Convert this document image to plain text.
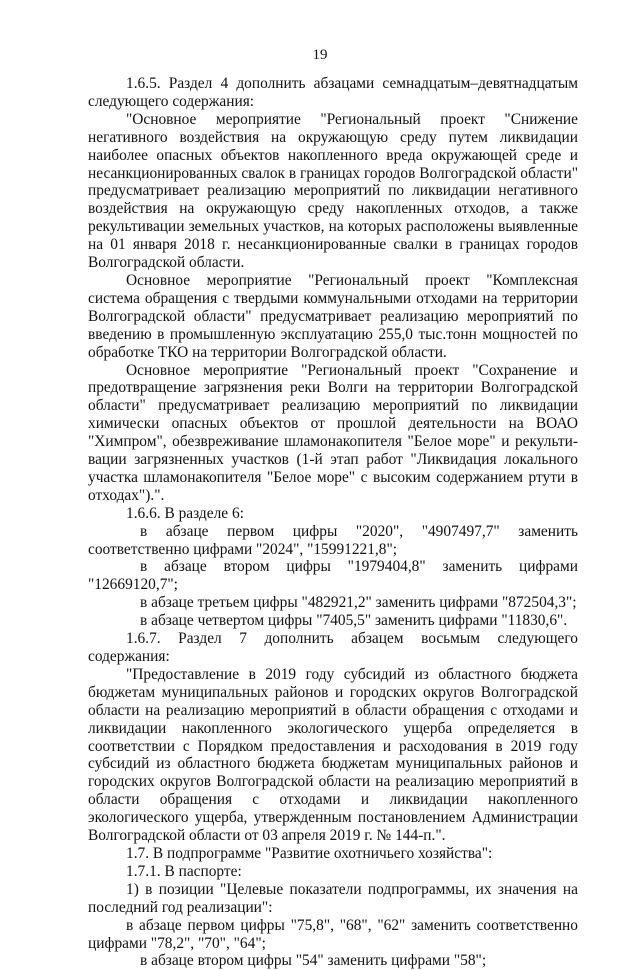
19

1.6.5. Раздел 4 дополнить абзацами семнадцатым–девятнадцатым следующего содержания:

"Основное мероприятие "Региональный проект "Снижение негативного воздействия на окружающую среду путем ликвидации наиболее опасных объектов накопленного вреда окружающей среде и несанкционированных свалок в границах городов Волгоградской области" предусматривает реализацию мероприятий по ликвидации негативного воздействия на окружающую среду накопленных отходов, а также рекультивации земельных участков, на которых расположены выявленные на 01 января 2018 г. несанкционированные свалки в границах городов Волгоградской области.

Основное мероприятие "Региональный проект "Комплексная система обращения с твердыми коммунальными отходами на территории Волгоградской области" предусматривает реализацию мероприятий по введению в промышленную эксплуатацию 255,0 тыс.тонн мощностей по обработке ТКО на территории Волгоградской области.

Основное мероприятие "Региональный проект "Сохранение и предотвращение загрязнения реки Волги на территории Волгоградской области" предусматривает реализацию мероприятий по ликвидации химически опасных объектов от прошлой деятельности на ВОАО "Химпром", обезвреживание шламонакопителя "Белое море" и рекульти-вации загрязненных участков (1-й этап работ "Ликвидация локального участка шламонакопителя "Белое море" с высоким содержанием ртути в отходах").".

1.6.6. В разделе 6:

в абзаце первом цифры "2020", "4907497,7" заменить соответственно цифрами "2024", "15991221,8";

в абзаце втором цифры "1979404,8" заменить цифрами "12669120,7";

в абзаце третьем цифры "482921,2" заменить цифрами "872504,3";

в абзаце четвертом цифры "7405,5" заменить цифрами "11830,6".

1.6.7. Раздел 7 дополнить абзацем восьмым следующего содержания:

"Предоставление в 2019 году субсидий из областного бюджета бюджетам муниципальных районов и городских округов Волгоградской области на реализацию мероприятий в области обращения с отходами и ликвидации накопленного экологического ущерба определяется в соответствии с Порядком предоставления и расходования в 2019 году субсидий из областного бюджета бюджетам муниципальных районов и городских округов Волгоградской области на реализацию мероприятий в области обращения с отходами и ликвидации накопленного экологического ущерба, утвержденным постановлением Администрации Волгоградской области от 03 апреля 2019 г. № 144-п.".

1.7. В подпрограмме "Развитие охотничьего хозяйства":

1.7.1. В паспорте:

1) в позиции "Целевые показатели подпрограммы, их значения на последний год реализации":

в абзаце первом цифры "75,8", "68", "62" заменить соответственно цифрами "78,2", "70", "64";

в абзаце втором цифры "54" заменить цифрами "58";
